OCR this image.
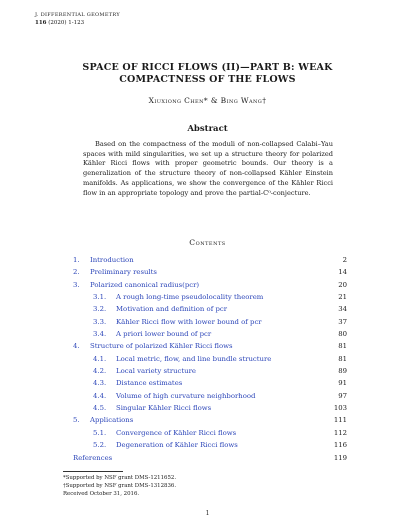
J. DIFFERENTIAL GEOMETRY
116 (2020) 1-123
SPACE OF RICCI FLOWS (II)—PART B: WEAK
COMPACTNESS OF THE FLOWS
Xiuxiong Chen* & Bing Wang†
Abstract
Based on the compactness of the moduli of non-collapsed Calabi–Yau spaces with mild singularities, we set up a structure theory for polarized Kähler Ricci flows with proper geometric bounds. Our theory is a generalization of the structure theory of non-collapsed Kähler Einstein manifolds. As applications, we show the convergence of the Kähler Ricci flow in an appropriate topology and prove the partial-C⁰-conjecture.
Contents
1. Introduction	2
2. Preliminary results	14
3. Polarized canonical radius(pcr)	20
3.1. A rough long-time pseudolocality theorem	21
3.2. Motivation and definition of pcr	34
3.3. Kähler Ricci flow with lower bound of pcr	37
3.4. A priori lower bound of pcr	80
4. Structure of polarized Kähler Ricci flows	81
4.1. Local metric, flow, and line bundle structure	81
4.2. Local variety structure	89
4.3. Distance estimates	91
4.4. Volume of high curvature neighborhood	97
4.5. Singular Kähler Ricci flows	103
5. Applications	111
5.1. Convergence of Kähler Ricci flows	112
5.2. Degeneration of Kähler Ricci flows	116
References	119
*Supported by NSF grant DMS-1211652.
†Supported by NSF grant DMS-1312836.
Received October 31, 2016.
1
